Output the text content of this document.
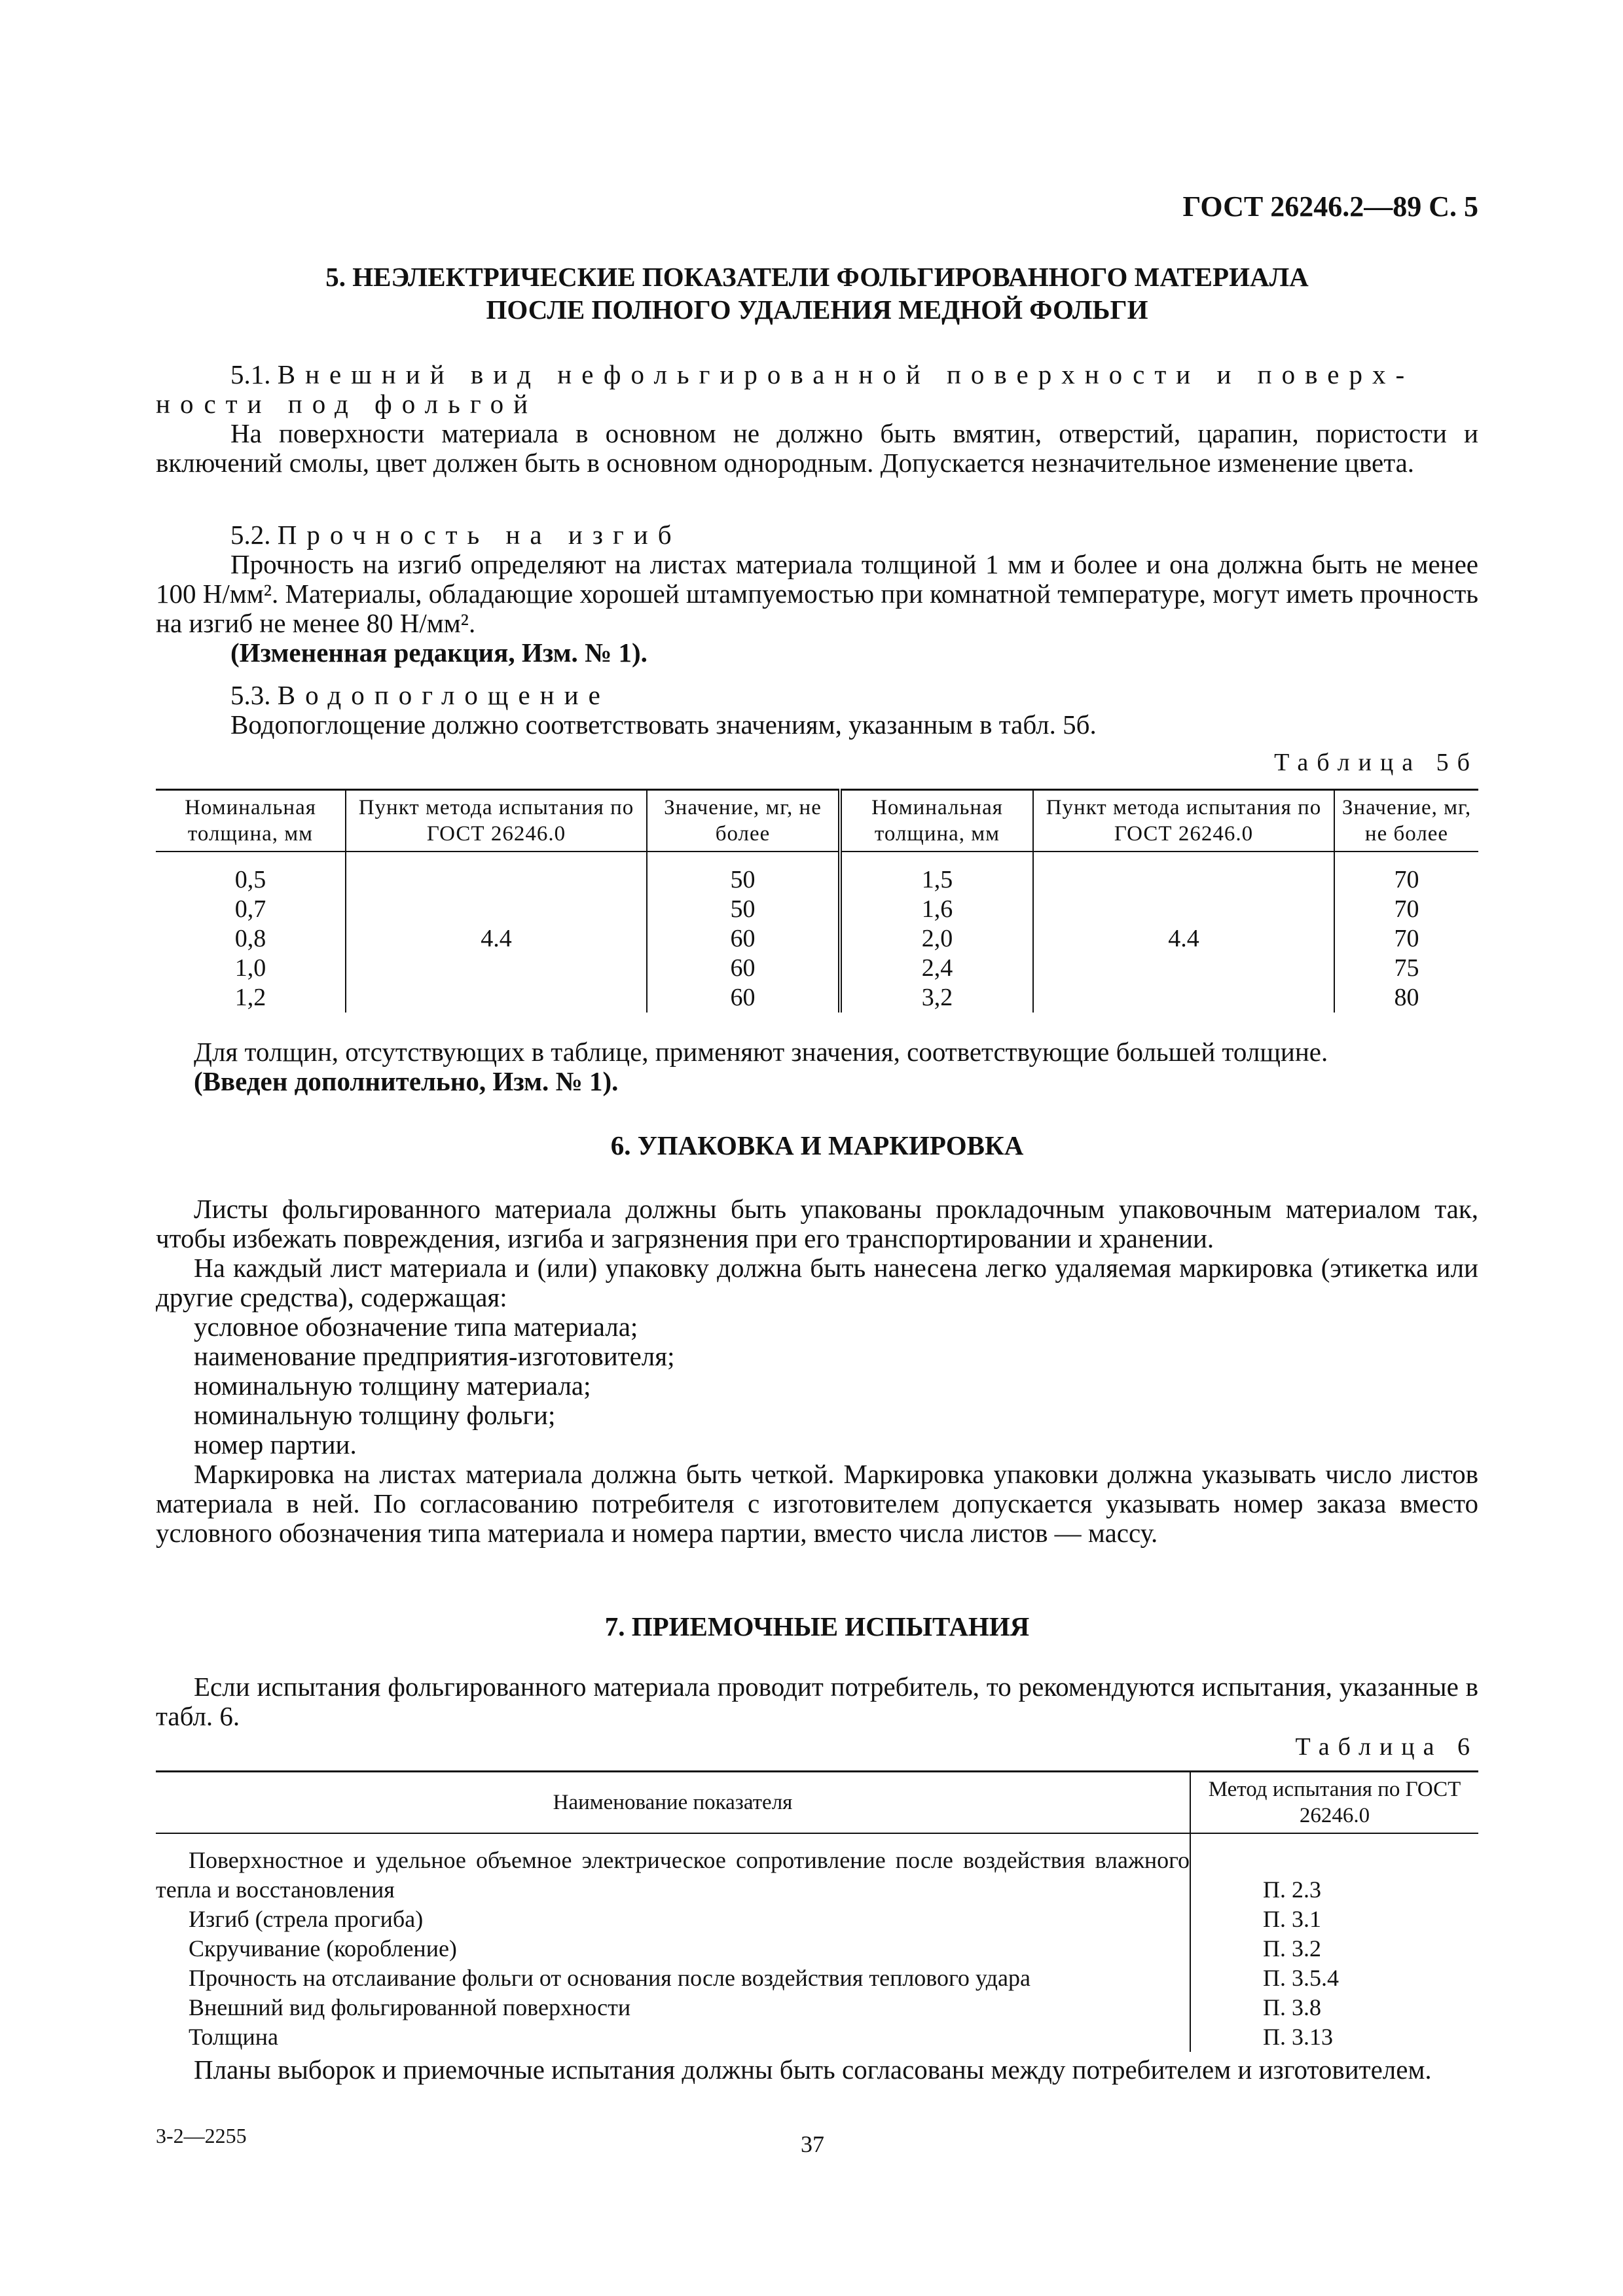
ГОСТ 26246.2—89 С. 5
5. НЕЭЛЕКТРИЧЕСКИЕ ПОКАЗАТЕЛИ ФОЛЬГИРОВАННОГО МАТЕРИАЛА
ПОСЛЕ ПОЛНОГО УДАЛЕНИЯ МЕДНОЙ ФОЛЬГИ
5.1. Внешний вид нефольгированной поверхности и поверх-
ности под фольгой
На поверхности материала в основном не должно быть вмятин, отверстий, царапин, пористости и включений смолы, цвет должен быть в основном однородным. Допускается незначительное изменение цвета.
5.2. Прочность на изгиб
Прочность на изгиб определяют на листах материала толщиной 1 мм и более и она должна быть не менее 100 Н/мм². Материалы, обладающие хорошей штампуемостью при комнатной температуре, могут иметь прочность на изгиб не менее 80 Н/мм².
(Измененная редакция, Изм. № 1).
5.3. Водопоглощение
Водопоглощение должно соответствовать значениям, указанным в табл. 5б.
Таблица 5б
Номинальная толщина, мм	Пункт метода испытания по ГОСТ 26246.0	Значение, мг, не более	Номинальная толщина, мм	Пункт метода испытания по ГОСТ 26246.0	Значение, мг, не более
0,5	4.4	50	1,5	4.4	70
0,7		50	1,6		70
0,8		60	2,0		70
1,0		60	2,4		75
1,2		60	3,2		80
Для толщин, отсутствующих в таблице, применяют значения, соответствующие большей толщине.
(Введен дополнительно, Изм. № 1).
6. УПАКОВКА И МАРКИРОВКА
Листы фольгированного материала должны быть упакованы прокладочным упаковочным материалом так, чтобы избежать повреждения, изгиба и загрязнения при его транспортировании и хранении.
На каждый лист материала и (или) упаковку должна быть нанесена легко удаляемая маркировка (этикетка или другие средства), содержащая:
условное обозначение типа материала;
наименование предприятия-изготовителя;
номинальную толщину материала;
номинальную толщину фольги;
номер партии.
Маркировка на листах материала должна быть четкой. Маркировка упаковки должна указывать число листов материала в ней. По согласованию потребителя с изготовителем допускается указывать номер заказа вместо условного обозначения типа материала и номера партии, вместо числа листов — массу.
7. ПРИЕМОЧНЫЕ ИСПЫТАНИЯ
Если испытания фольгированного материала проводит потребитель, то рекомендуются испытания, указанные в табл. 6.
Таблица 6
Наименование показателя	Метод испытания по ГОСТ 26246.0
Поверхностное и удельное объемное электрическое сопротивление после воздействия влажного тепла и восстановления	П. 2.3
Изгиб (стрела прогиба)	П. 3.1
Скручивание (коробление)	П. 3.2
Прочность на отслаивание фольги от основания после воздействия теплового удара	П. 3.5.4
Внешний вид фольгированной поверхности	П. 3.8
Толщина	П. 3.13
Планы выборок и приемочные испытания должны быть согласованы между потребителем и изготовителем.
3-2—2255	37
